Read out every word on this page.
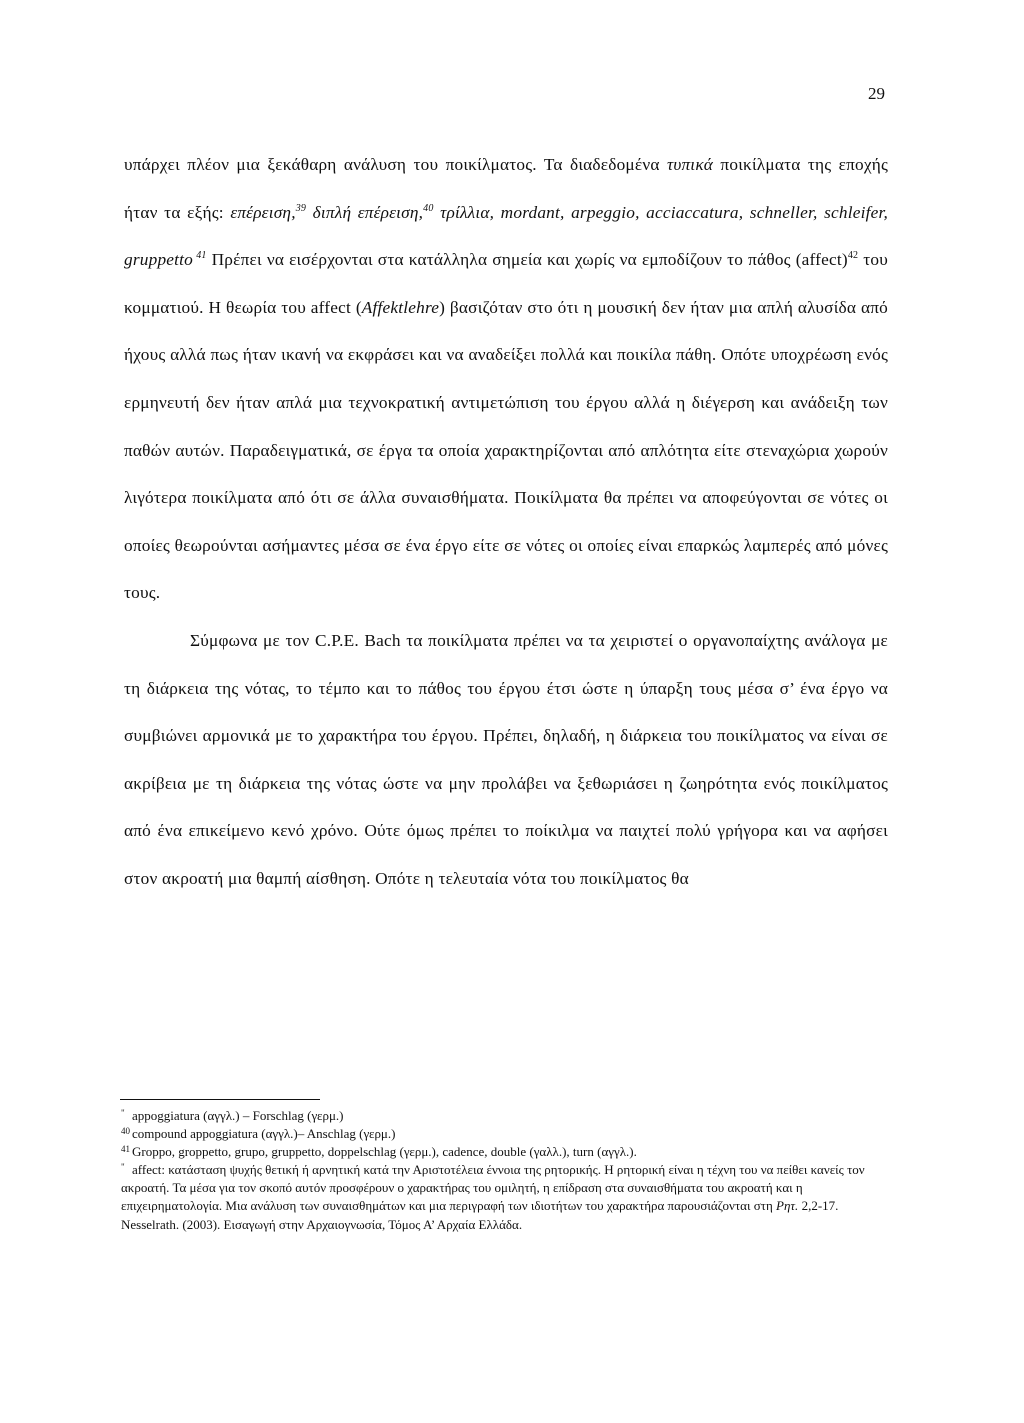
29

υπάρχει πλέον μια ξεκάθαρη ανάλυση του ποικίλματος. Τα διαδεδομένα τυπικά ποικίλματα της εποχής ήταν τα εξής: επέρειση,$^{39}$ διπλή επέρειση,$^{40}$ τρίλλια, mordant, arpeggio, acciaccatura, schneller, schleifer, gruppetto $^{41}$ Πρέπει να εισέρχονται στα κατάλληλα σημεία και χωρίς να εμποδίζουν το πάθος (affect)$^{42}$ του κομματιού. Η θεωρία του affect (Affektlehre) βασιζόταν στο ότι η μουσική δεν ήταν μια απλή αλυσίδα από ήχους αλλά πως ήταν ικανή να εκφράσει και να αναδείξει πολλά και ποικίλα πάθη. Οπότε υποχρέωση ενός ερμηνευτή δεν ήταν απλά μια τεχνοκρατική αντιμετώπιση του έργου αλλά η διέγερση και ανάδειξη των παθών αυτών. Παραδειγματικά, σε έργα τα οποία χαρακτηρίζονται από απλότητα είτε στεναχώρια χωρούν λιγότερα ποικίλματα από ότι σε άλλα συναισθήματα. Ποικίλματα θα πρέπει να αποφεύγονται σε νότες οι οποίες θεωρούνται ασήμαντες μέσα σε ένα έργο είτε σε νότες οι οποίες είναι επαρκώς λαμπερές από μόνες τους.

Σύμφωνα με τον C.P.E. Bach τα ποικίλματα πρέπει να τα χειριστεί ο οργανοπαίχτης ανάλογα με τη διάρκεια της νότας, το τέμπο και το πάθος του έργου έτσι ώστε η ύπαρξη τους μέσα σ’ ένα έργο να συμβιώνει αρμονικά με το χαρακτήρα του έργου. Πρέπει, δηλαδή, η διάρκεια του ποικίλματος να είναι σε ακρίβεια με τη διάρκεια της νότας ώστε να μην προλάβει να ξεθωριάσει η ζωηρότητα ενός ποικίλματος από ένα επικείμενο κενό χρόνο. Ούτε όμως πρέπει το ποίκιλμα να παιχτεί πολύ γρήγορα και να αφήσει στον ακροατή μια θαμπή αίσθηση. Οπότε η τελευταία νότα του ποικίλματος θα

" appoggiatura (αγγλ.) – Forschlag (γερμ.)

40 compound appoggiatura (αγγλ.)– Anschlag (γερμ.)

41 Groppo, groppetto, grupo, gruppetto, doppelschlag (γερμ.), cadence, double (γαλλ.), turn (αγγλ.).

" affect: κατάσταση ψυχής θετική ή αρνητική κατά την Αριστοτέλεια έννοια της ρητορικής. Η ρητορική είναι η τέχνη του να πείθει κανείς τον ακροατή. Τα μέσα για τον σκοπό αυτόν προσφέρουν ο χαρακτήρας του ομιλητή, η επίδραση στα συναισθήματα του ακροατή και η επιχειρηματολογία. Μια ανάλυση των συναισθημάτων και μια περιγραφή των ιδιοτήτων του χαρακτήρα παρουσιάζονται στη Ρητ. 2,2-17. Nesselrath. (2003). Εισαγωγή στην Αρχαιογνωσία, Τόμος Α’ Αρχαία Ελλάδα.
